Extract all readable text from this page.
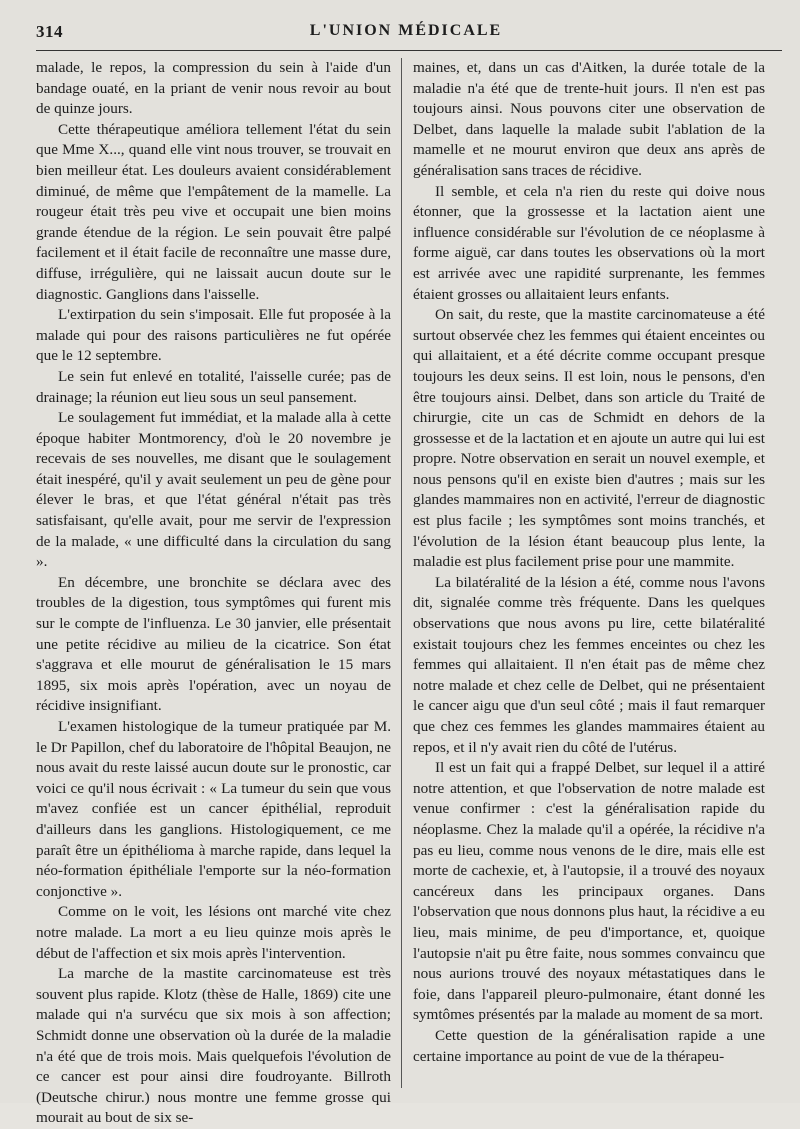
314	L'UNION MÉDICALE

malade, le repos, la compression du sein à l'aide d'un bandage ouaté, en la priant de venir nous revoir au bout de quinze jours.

Cette thérapeutique améliora tellement l'état du sein que Mme X..., quand elle vint nous trouver, se trouvait en bien meilleur état. Les douleurs avaient considérablement diminué, de même que l'empâtement de la mamelle. La rougeur était très peu vive et occupait une bien moins grande étendue de la région. Le sein pouvait être palpé facilement et il était facile de reconnaître une masse dure, diffuse, irrégulière, qui ne laissait aucun doute sur le diagnostic. Ganglions dans l'aisselle.

L'extirpation du sein s'imposait. Elle fut proposée à la malade qui pour des raisons particulières ne fut opérée que le 12 septembre.

Le sein fut enlevé en totalité, l'aisselle curée; pas de drainage; la réunion eut lieu sous un seul pansement.

Le soulagement fut immédiat, et la malade alla à cette époque habiter Montmorency, d'où le 20 novembre je recevais de ses nouvelles, me disant que le soulagement était inespéré, qu'il y avait seulement un peu de gène pour élever le bras, et que l'état général n'était pas très satisfaisant, qu'elle avait, pour me servir de l'expression de la malade, « une difficulté dans la circulation du sang ».

En décembre, une bronchite se déclara avec des troubles de la digestion, tous symptômes qui furent mis sur le compte de l'influenza. Le 30 janvier, elle présentait une petite récidive au milieu de la cicatrice. Son état s'aggrava et elle mourut de généralisation le 15 mars 1895, six mois après l'opération, avec un noyau de récidive insignifiant.

L'examen histologique de la tumeur pratiquée par M. le Dr Papillon, chef du laboratoire de l'hôpital Beaujon, ne nous avait du reste laissé aucun doute sur le pronostic, car voici ce qu'il nous écrivait : « La tumeur du sein que vous m'avez confiée est un cancer épithélial, reproduit d'ailleurs dans les ganglions. Histologiquement, ce me paraît être un épithélioma à marche rapide, dans lequel la néo-formation épithéliale l'emporte sur la néo-formation conjonctive ».

Comme on le voit, les lésions ont marché vite chez notre malade. La mort a eu lieu quinze mois après le début de l'affection et six mois après l'intervention.

La marche de la mastite carcinomateuse est très souvent plus rapide. Klotz (thèse de Halle, 1869) cite une malade qui n'a survécu que six mois à son affection; Schmidt donne une observation où la durée de la maladie n'a été que de trois mois. Mais quelquefois l'évolution de ce cancer est pour ainsi dire foudroyante. Billroth (Deutsche chirur.) nous montre une femme grosse qui mourait au bout de six se-

maines, et, dans un cas d'Aitken, la durée totale de la maladie n'a été que de trente-huit jours. Il n'en est pas toujours ainsi. Nous pouvons citer une observation de Delbet, dans laquelle la malade subit l'ablation de la mamelle et ne mourut environ que deux ans après de généralisation sans traces de récidive.

Il semble, et cela n'a rien du reste qui doive nous étonner, que la grossesse et la lactation aient une influence considérable sur l'évolution de ce néoplasme à forme aiguë, car dans toutes les observations où la mort est arrivée avec une rapidité surprenante, les femmes étaient grosses ou allaitaient leurs enfants.

On sait, du reste, que la mastite carcinomateuse a été surtout observée chez les femmes qui étaient enceintes ou qui allaitaient, et a été décrite comme occupant presque toujours les deux seins. Il est loin, nous le pensons, d'en être toujours ainsi. Delbet, dans son article du Traité de chirurgie, cite un cas de Schmidt en dehors de la grossesse et de la lactation et en ajoute un autre qui lui est propre. Notre observation en serait un nouvel exemple, et nous pensons qu'il en existe bien d'autres ; mais sur les glandes mammaires non en activité, l'erreur de diagnostic est plus facile ; les symptômes sont moins tranchés, et l'évolution de la lésion étant beaucoup plus lente, la maladie est plus facilement prise pour une mammite.

La bilatéralité de la lésion a été, comme nous l'avons dit, signalée comme très fréquente. Dans les quelques observations que nous avons pu lire, cette bilatéralité existait toujours chez les femmes enceintes ou chez les femmes qui allaitaient. Il n'en était pas de même chez notre malade et chez celle de Delbet, qui ne présentaient le cancer aigu que d'un seul côté ; mais il faut remarquer que chez ces femmes les glandes mammaires étaient au repos, et il n'y avait rien du côté de l'utérus.

Il est un fait qui a frappé Delbet, sur lequel il a attiré notre attention, et que l'observation de notre malade est venue confirmer : c'est la généralisation rapide du néoplasme. Chez la malade qu'il a opérée, la récidive n'a pas eu lieu, comme nous venons de le dire, mais elle est morte de cachexie, et, à l'autopsie, il a trouvé des noyaux cancéreux dans les principaux organes. Dans l'observation que nous donnons plus haut, la récidive a eu lieu, mais minime, de peu d'importance, et, quoique l'autopsie n'ait pu être faite, nous sommes convaincu que nous aurions trouvé des noyaux métastatiques dans le foie, dans l'appareil pleuro-pulmonaire, étant donné les symtômes présentés par la malade au moment de sa mort.

Cette question de la généralisation rapide a une certaine importance au point de vue de la thérapeu-
